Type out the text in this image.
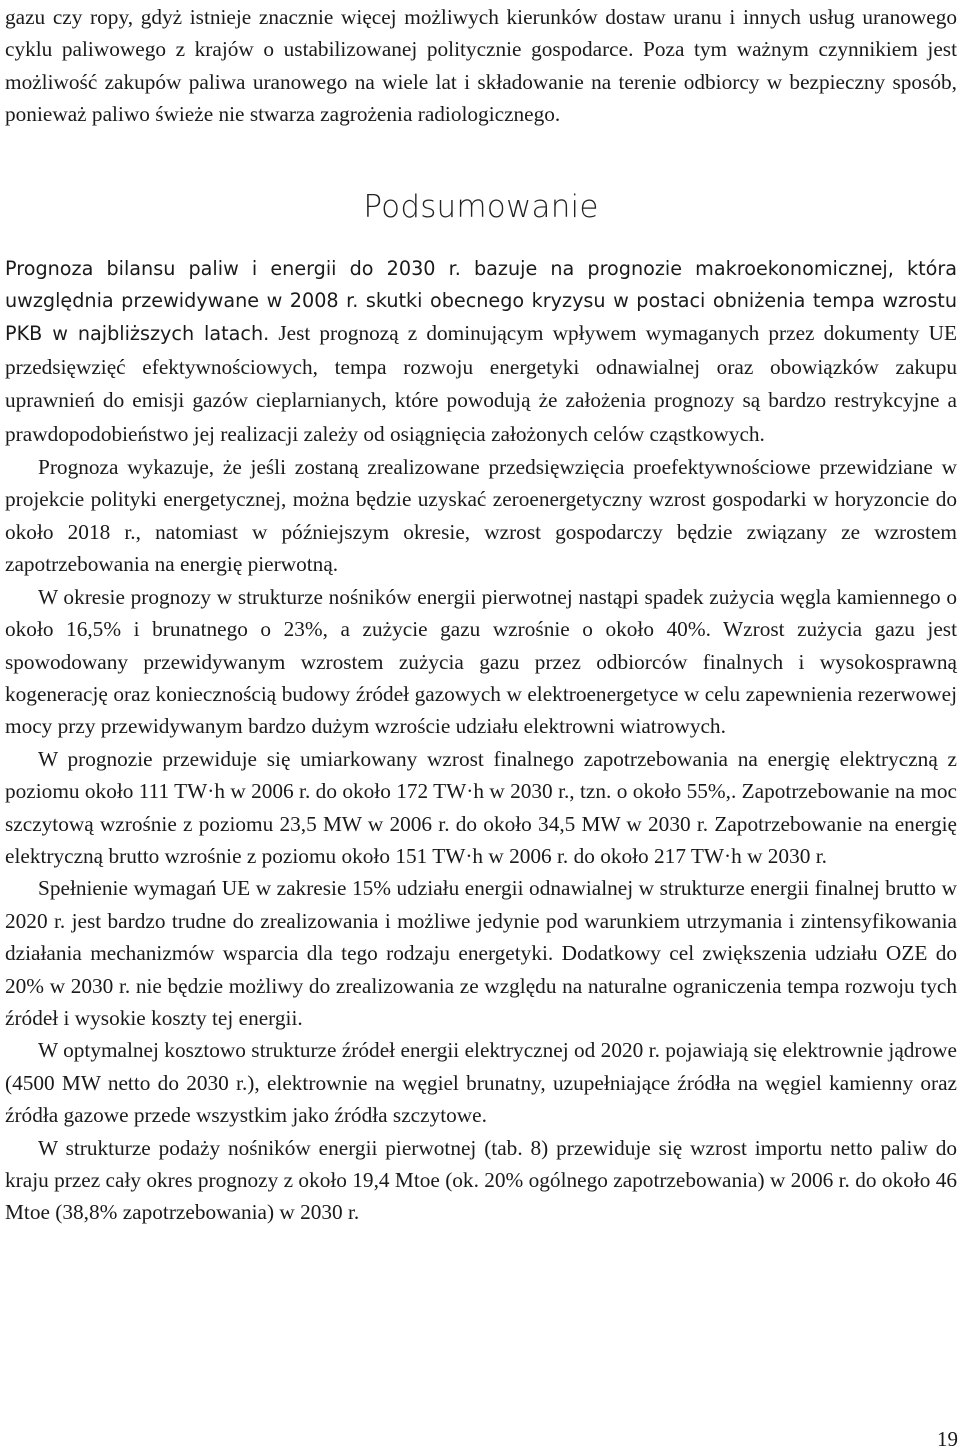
gazu czy ropy, gdyż istnieje znacznie więcej możliwych kierunków dostaw uranu i innych usług uranowego cyklu paliwowego z krajów o ustabilizowanej politycznie gospodarce. Poza tym ważnym czynnikiem jest możliwość zakupów paliwa uranowego na wiele lat i składowanie na terenie odbiorcy w bezpieczny sposób, ponieważ paliwo świeże nie stwarza zagrożenia radiologicznego.

Podsumowanie

Prognoza bilansu paliw i energii do 2030 r. bazuje na prognozie makroekonomicznej, która uwzględnia przewidywane w 2008 r. skutki obecnego kryzysu w postaci obniżenia tempa wzrostu PKB w najbliższych latach. Jest prognozą z dominującym wpływem wymaganych przez dokumenty UE przedsięwzięć efektywnościowych, tempa rozwoju energetyki odnawialnej oraz obowiązków zakupu uprawnień do emisji gazów cieplarnianych, które powodują że założenia prognozy są bardzo restrykcyjne a prawdopodobieństwo jej realizacji zależy od osiągnięcia założonych celów cząstkowych.

Prognoza wykazuje, że jeśli zostaną zrealizowane przedsięwzięcia proefektywnościowe przewidziane w projekcie polityki energetycznej, można będzie uzyskać zeroenergetyczny wzrost gospodarki w horyzoncie do około 2018 r., natomiast w późniejszym okresie, wzrost gospodarczy będzie związany ze wzrostem zapotrzebowania na energię pierwotną.

W okresie prognozy w strukturze nośników energii pierwotnej nastąpi spadek zużycia węgla kamiennego o około 16,5% i brunatnego o 23%, a zużycie gazu wzrośnie o około 40%. Wzrost zużycia gazu jest spowodowany przewidywanym wzrostem zużycia gazu przez odbiorców finalnych i wysokosprawną kogenerację oraz koniecznością budowy źródeł gazowych w elektroenergetyce w celu zapewnienia rezerwowej mocy przy przewidywanym bardzo dużym wzroście udziału elektrowni wiatrowych.

W prognozie przewiduje się umiarkowany wzrost finalnego zapotrzebowania na energię elektryczną z poziomu około 111 TW·h w 2006 r. do około 172 TW·h w 2030 r., tzn. o około 55%,. Zapotrzebowanie na moc szczytową wzrośnie z poziomu 23,5 MW w 2006 r. do około 34,5 MW w 2030 r. Zapotrzebowanie na energię elektryczną brutto wzrośnie z poziomu około 151 TW·h w 2006 r. do około 217 TW·h w 2030 r.

Spełnienie wymagań UE w zakresie 15% udziału energii odnawialnej w strukturze energii finalnej brutto w 2020 r. jest bardzo trudne do zrealizowania i możliwe jedynie pod warunkiem utrzymania i zintensyfikowania działania mechanizmów wsparcia dla tego rodzaju energetyki. Dodatkowy cel zwiększenia udziału OZE do 20% w 2030 r. nie będzie możliwy do zrealizowania ze względu na naturalne ograniczenia tempa rozwoju tych źródeł i wysokie koszty tej energii.

W optymalnej kosztowo strukturze źródeł energii elektrycznej od 2020 r. pojawiają się elektrownie jądrowe (4500 MW netto do 2030 r.), elektrownie na węgiel brunatny, uzupełniające źródła na węgiel kamienny oraz źródła gazowe przede wszystkim jako źródła szczytowe.

W strukturze podaży nośników energii pierwotnej (tab. 8) przewiduje się wzrost importu netto paliw do kraju przez cały okres prognozy z około 19,4 Mtoe (ok. 20% ogólnego zapotrzebowania) w 2006 r. do około 46 Mtoe (38,8% zapotrzebowania) w 2030 r.

19
